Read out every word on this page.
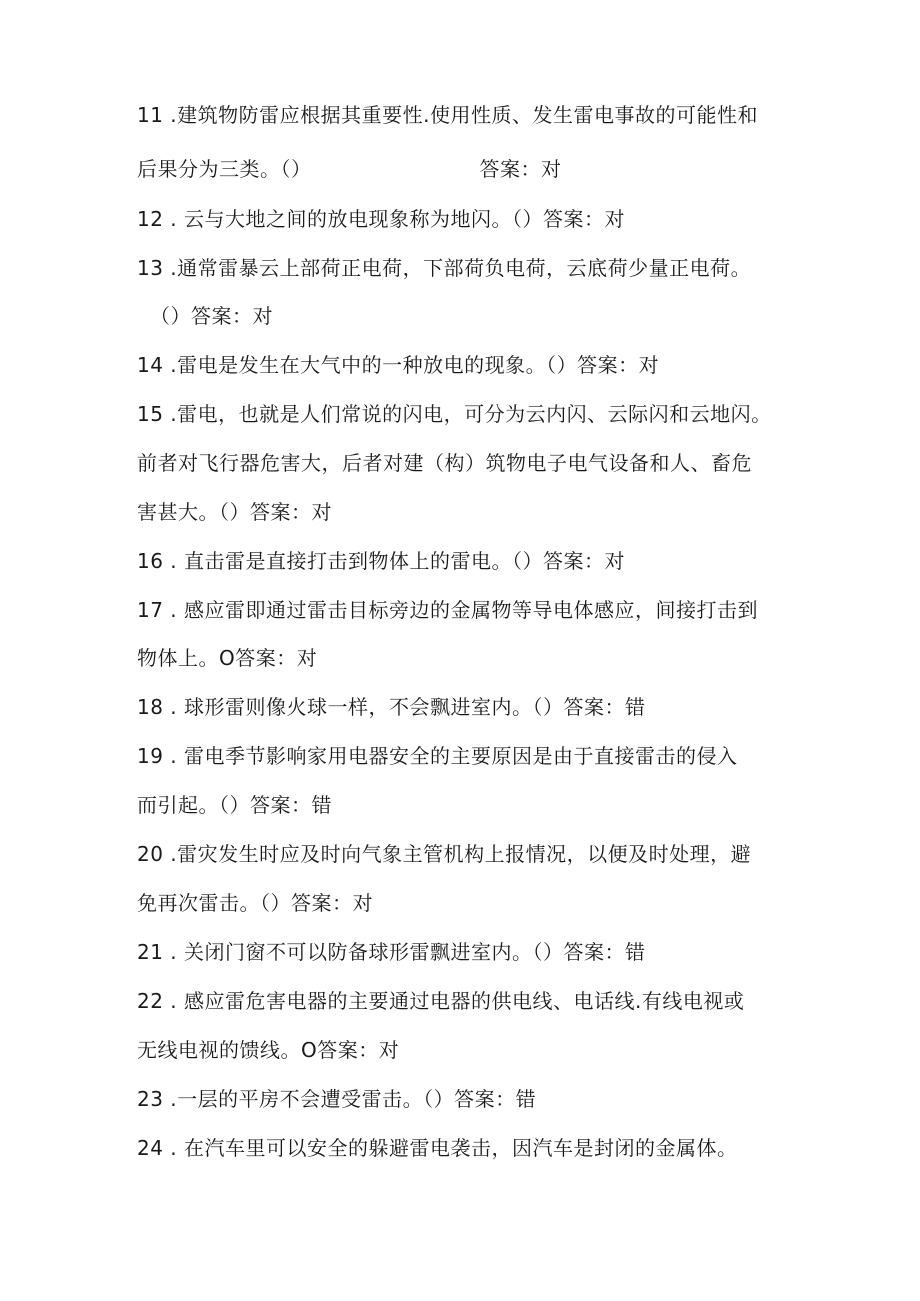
11 .建筑物防雷应根据其重要性.使用性质、发生雷电事故的可能性和
后果分为三类。（）	答案：对
12 . 云与大地之间的放电现象称为地闪。（）答案：对
13 .通常雷暴云上部荷正电荷，下部荷负电荷，云底荷少量正电荷。
（）答案：对
14 .雷电是发生在大气中的一种放电的现象。（）答案：对
15 .雷电，也就是人们常说的闪电，可分为云内闪、云际闪和云地闪。
前者对飞行器危害大，后者对建（构）筑物电子电气设备和人、畜危
害甚大。（）答案：对
16 . 直击雷是直接打击到物体上的雷电。（）答案：对
17 . 感应雷即通过雷击目标旁边的金属物等导电体感应，间接打击到
物体上。O答案：对
18 . 球形雷则像火球一样，不会飘进室内。（）答案：错
19 . 雷电季节影响家用电器安全的主要原因是由于直接雷击的侵入
而引起。（）答案：错
20 .雷灾发生时应及时向气象主管机构上报情况，以便及时处理，避
免再次雷击。（）答案：对
21 . 关闭门窗不可以防备球形雷飘进室内。（）答案：错
22 . 感应雷危害电器的主要通过电器的供电线、电话线.有线电视或
无线电视的馈线。O答案：对
23 .一层的平房不会遭受雷击。（）答案：错
24 . 在汽车里可以安全的躲避雷电袭击，因汽车是封闭的金属体。
